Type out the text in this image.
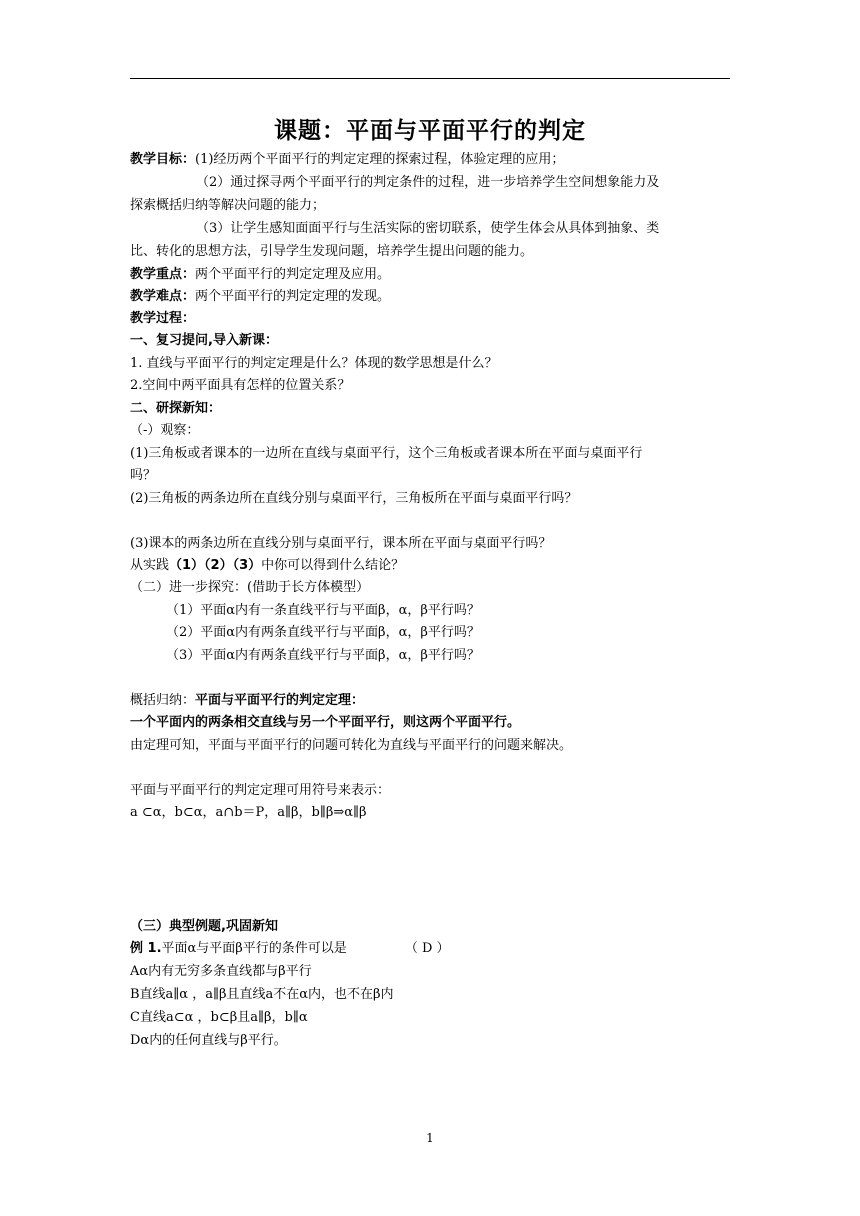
课题：平面与平面平行的判定
教学目标：(1)经历两个平面平行的判定定理的探索过程，体验定理的应用；
（2）通过探寻两个平面平行的判定条件的过程，进一步培养学生空间想象能力及
探索概括归纳等解决问题的能力；
（3）让学生感知面面平行与生活实际的密切联系，使学生体会从具体到抽象、类
比、转化的思想方法，引导学生发现问题，培养学生提出问题的能力。
教学重点：两个平面平行的判定定理及应用。
教学难点：两个平面平行的判定定理的发现。
教学过程：
一、复习提问,导入新课：
1. 直线与平面平行的判定定理是什么？体现的数学思想是什么？
2.空间中两平面具有怎样的位置关系？
二、研探新知：
（-）观察：
(1)三角板或者课本的一边所在直线与桌面平行，这个三角板或者课本所在平面与桌面平行
吗？
(2)三角板的两条边所在直线分别与桌面平行，三角板所在平面与桌面平行吗？
(3)课本的两条边所在直线分别与桌面平行，课本所在平面与桌面平行吗？
从实践（1）（2）（3）中你可以得到什么结论？
（二）进一步探究：(借助于长方体模型）
（1）平面α内有一条直线平行与平面β，α，β平行吗？
（2）平面α内有两条直线平行与平面β，α，β平行吗？
（3）平面α内有两条直线平行与平面β，α，β平行吗？
概括归纳：平面与平面平行的判定定理：
一个平面内的两条相交直线与另一个平面平行，则这两个平面平行。
由定理可知，平面与平面平行的问题可转化为直线与平面平行的问题来解决。
平面与平面平行的判定定理可用符号来表示：
a ⊂α，b⊂α，a∩b＝P，a∥β，b∥β⇒α∥β
（三）典型例题,巩固新知
例 1.平面α与平面β平行的条件可以是	（ D ）
Aα内有无穷多条直线都与β平行
B直线a∥α ，a∥β且直线a不在α内，也不在β内
C直线a⊂α ，b⊂β且a∥β，b∥α
Dα内的任何直线与β平行。
1
